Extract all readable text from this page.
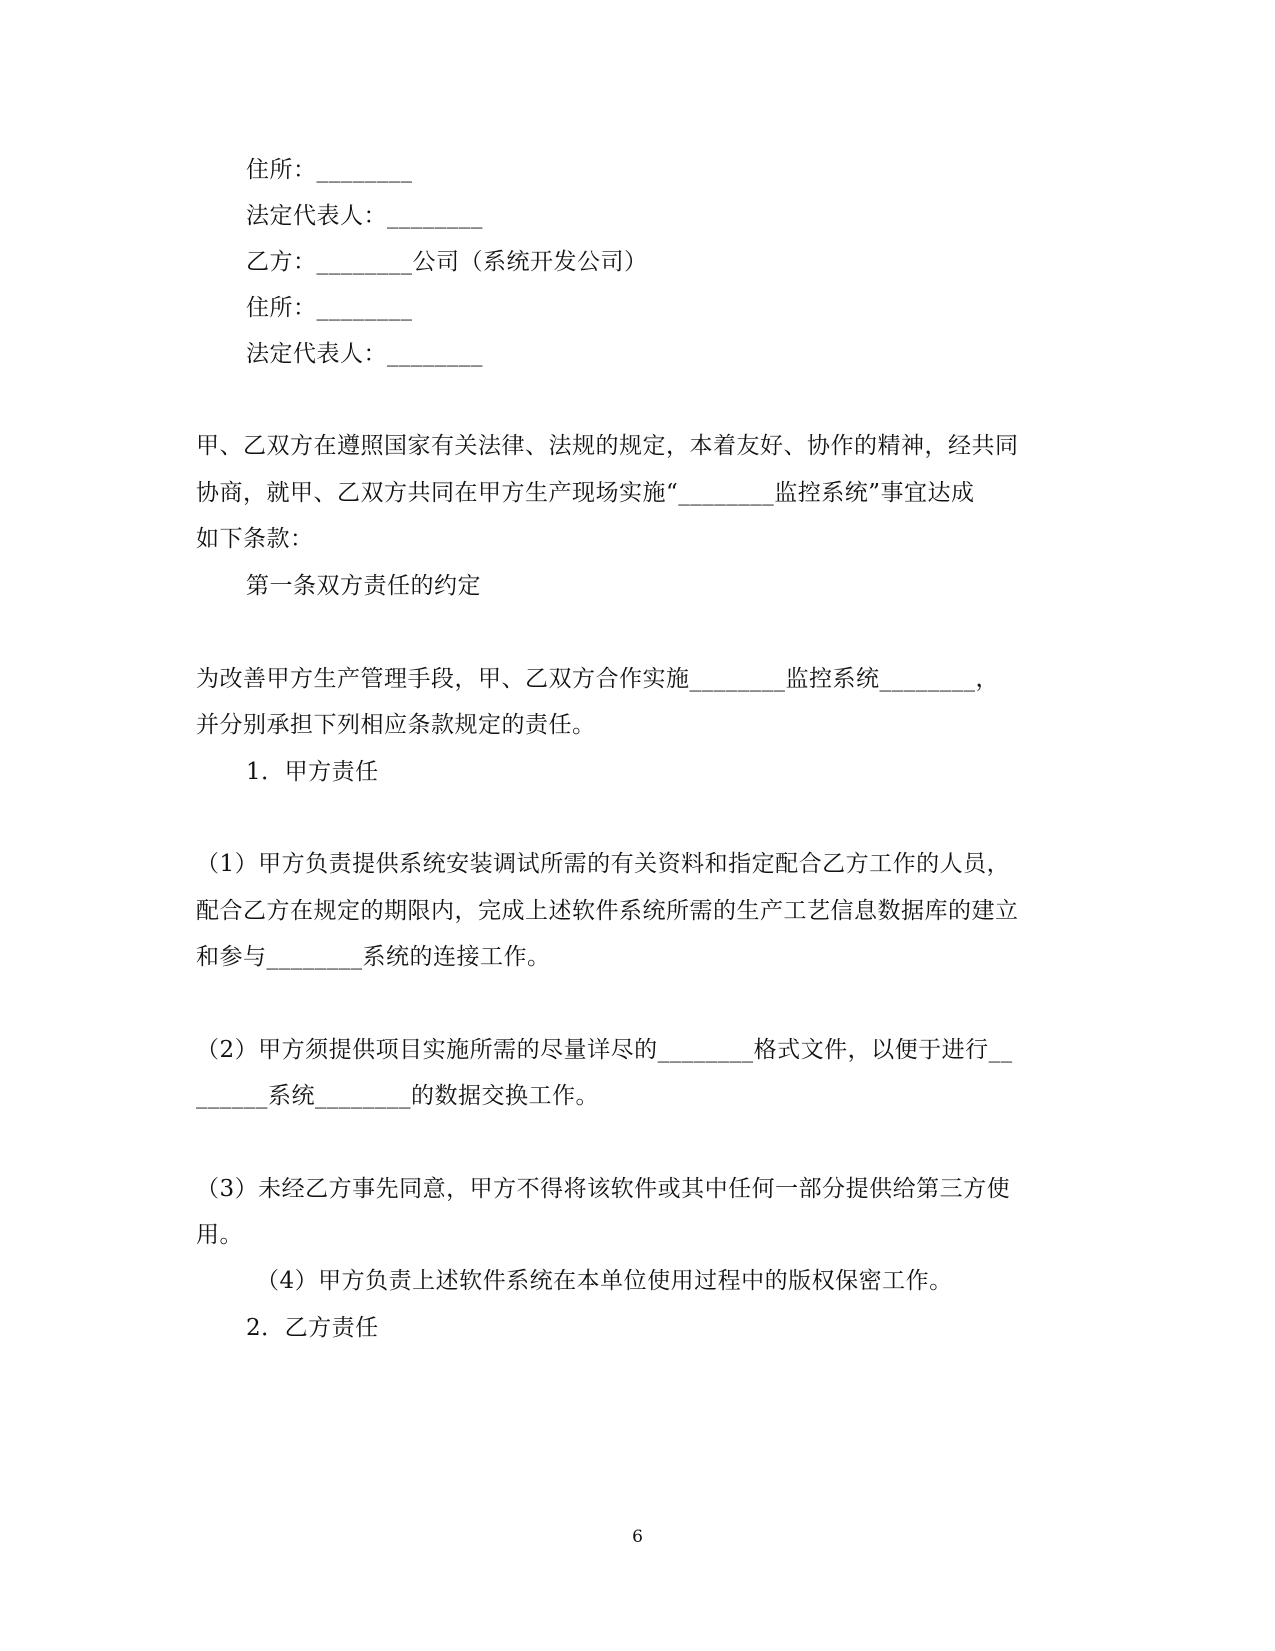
住所：________
法定代表人：________
乙方：________公司（系统开发公司）
住所：________
法定代表人：________
甲、乙双方在遵照国家有关法律、法规的规定，本着友好、协作的精神，经共同
协商，就甲、乙双方共同在甲方生产现场实施“________监控系统”事宜达成
如下条款：
第一条双方责任的约定
为改善甲方生产管理手段，甲、乙双方合作实施________监控系统________，
并分别承担下列相应条款规定的责任。
1．甲方责任
（1）甲方负责提供系统安装调试所需的有关资料和指定配合乙方工作的人员，
配合乙方在规定的期限内，完成上述软件系统所需的生产工艺信息数据库的建立
和参与________系统的连接工作。
（2）甲方须提供项目实施所需的尽量详尽的________格式文件，以便于进行__
______系统________的数据交换工作。
（3）未经乙方事先同意，甲方不得将该软件或其中任何一部分提供给第三方使
用。
（4）甲方负责上述软件系统在本单位使用过程中的版权保密工作。
2．乙方责任
6
